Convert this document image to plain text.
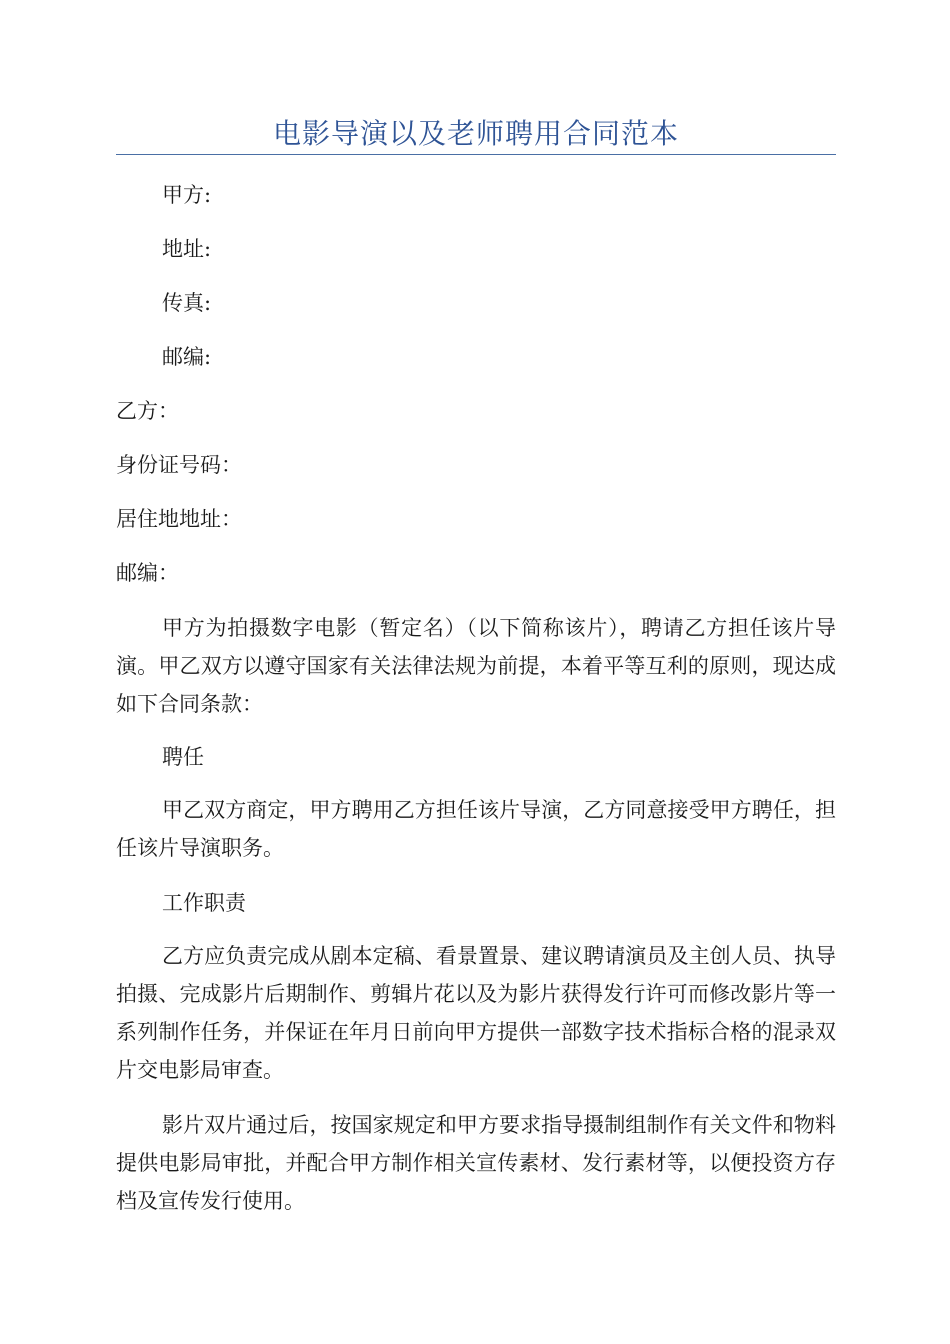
电影导演以及老师聘用合同范本

甲方:

地址:

传真:

邮编:

乙方：

身份证号码：

居住地地址：

邮编：

甲方为拍摄数字电影（暂定名）（以下简称该片），聘请乙方担任该片导演。甲乙双方以遵守国家有关法律法规为前提，本着平等互利的原则，现达成如下合同条款：

聘任

甲乙双方商定，甲方聘用乙方担任该片导演，乙方同意接受甲方聘任，担任该片导演职务。

工作职责

乙方应负责完成从剧本定稿、看景置景、建议聘请演员及主创人员、执导拍摄、完成影片后期制作、剪辑片花以及为影片获得发行许可而修改影片等一系列制作任务，并保证在年月日前向甲方提供一部数字技术指标合格的混录双片交电影局审查。

影片双片通过后，按国家规定和甲方要求指导摄制组制作有关文件和物料提供电影局审批，并配合甲方制作相关宣传素材、发行素材等，以便投资方存档及宣传发行使用。
